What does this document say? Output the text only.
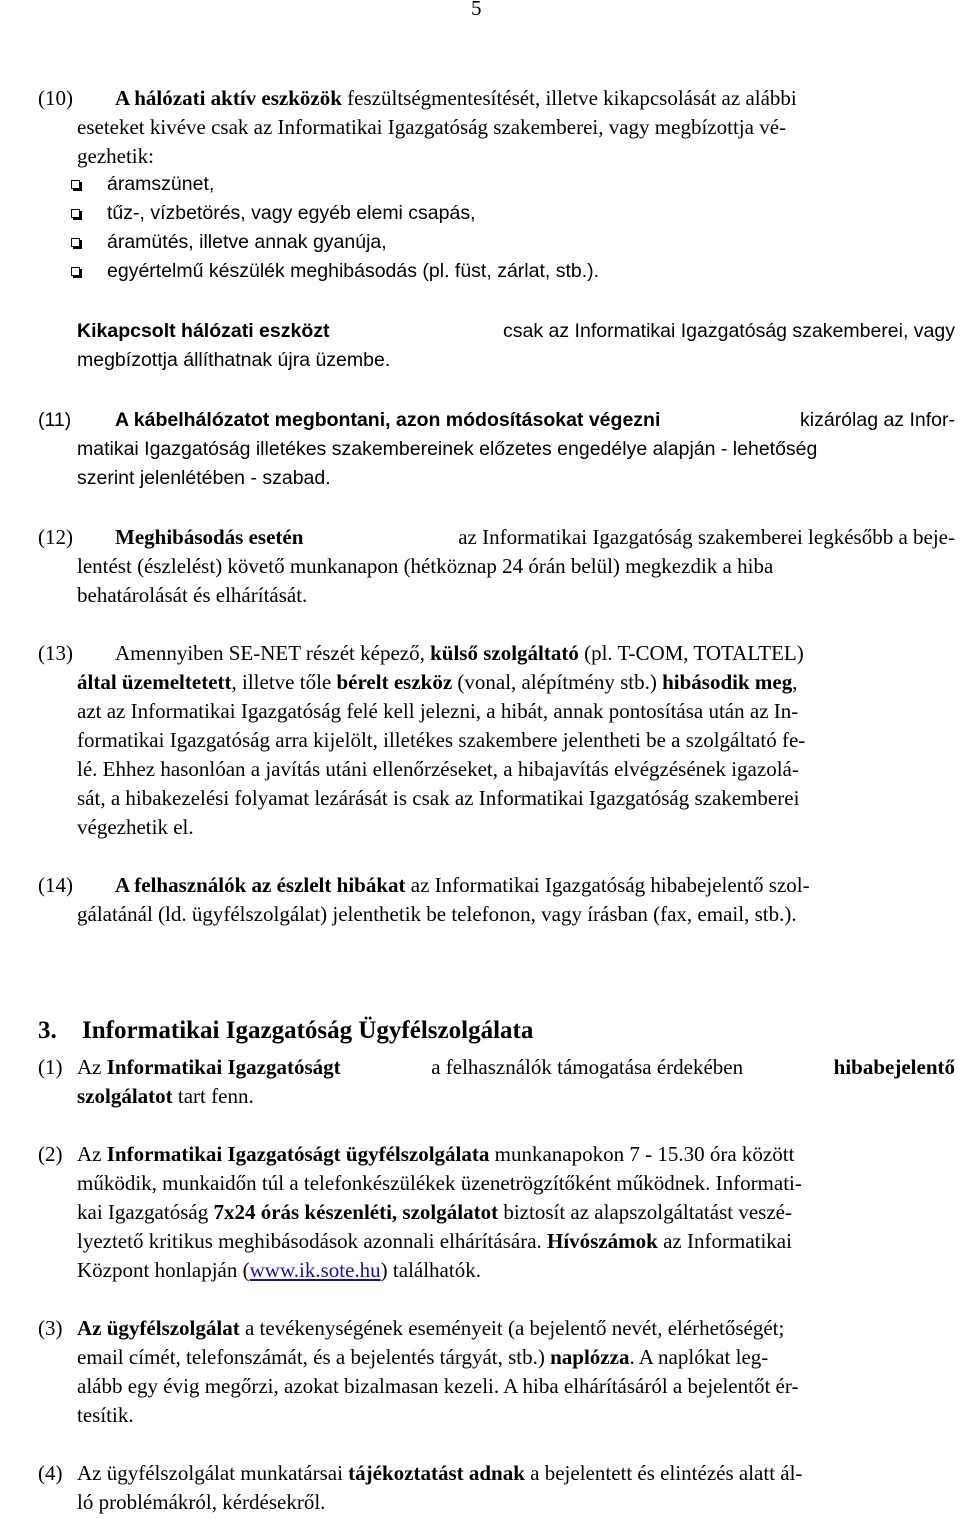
5
(10) A hálózati aktív eszközök feszültségmentesítését, illetve kikapcsolását az alábbi
eseteket kivéve csak az Informatikai Igazgatóság szakemberei, vagy megbízottja vé-
gezhetik:
áramszünet,
tűz-, vízbetörés, vagy egyéb elemi csapás,
áramütés, illetve annak gyanúja,
egyértelmű készülék meghibásodás (pl. füst, zárlat, stb.).
Kikapcsolt hálózati eszközt	csak az Informatikai Igazgatóság szakemberei, vagy
megbízottja állíthatnak újra üzembe.
(11) A kábelhálózatot megbontani, azon módosításokat végezni	kizárólag az Infor-
matikai Igazgatóság illetékes szakembereinek előzetes engedélye alapján - lehetőség
szerint jelenlétében - szabad.
(12) Meghibásodás esetén	az Informatikai Igazgatóság szakemberei legkésőbb a beje-
lentést (észlelést) követő munkanapon (hétköznap 24 órán belül) megkezdik a hiba
behatárolását és elhárítását.
(13) Amennyiben SE-NET részét képező, külső szolgáltató (pl. T-COM, TOTALTEL)
által üzemeltetett, illetve tőle bérelt eszköz (vonal, alépítmény stb.) hibásodik meg,
azt az Informatikai Igazgatóság felé kell jelezni, a hibát, annak pontosítása után az In-
formatikai Igazgatóság arra kijelölt, illetékes szakembere jelentheti be a szolgáltató fe-
lé. Ehhez hasonlóan a javítás utáni ellenőrzéseket, a hibajavítás elvégzésének igazolá-
sát, a hibakezelési folyamat lezárását is csak az Informatikai Igazgatóság szakemberei
végezhetik el.
(14) A felhasználók az észlelt hibákat az Informatikai Igazgatóság hibabejelentő szol-
gálatánál (ld. ügyfélszolgálat) jelenthetik be telefonon, vagy írásban (fax, email, stb.).
3. Informatikai Igazgatóság Ügyfélszolgálata
(1) Az Informatikai Igazgatóságt	a felhasználók támogatása érdekében	hibabejelentő
szolgálatot tart fenn.
(2) Az Informatikai Igazgatóságt ügyfélszolgálata munkanapokon 7 - 15.30 óra között
működik, munkaidőn túl a telefonkészülékek üzenetrögzítőként működnek. Informati-
kai Igazgatóság 7x24 órás készenléti, szolgálatot biztosít az alapszolgáltatást veszé-
lyeztető kritikus meghibásodások azonnali elhárítására. Hívószámok az Informatikai
Központ honlapján (www.ik.sote.hu) találhatók.
(3) Az ügyfélszolgálat a tevékenységének eseményeit (a bejelentő nevét, elérhetőségét;
email címét, telefonszámát, és a bejelentés tárgyát, stb.) naplózza. A naplókat leg-
alább egy évig megőrzi, azokat bizalmasan kezeli. A hiba elhárításáról a bejelentőt ér-
tesítik.
(4) Az ügyfélszolgálat munkatársai tájékoztatást adnak a bejelentett és elintézés alatt ál-
ló problémákról, kérdésekről.
